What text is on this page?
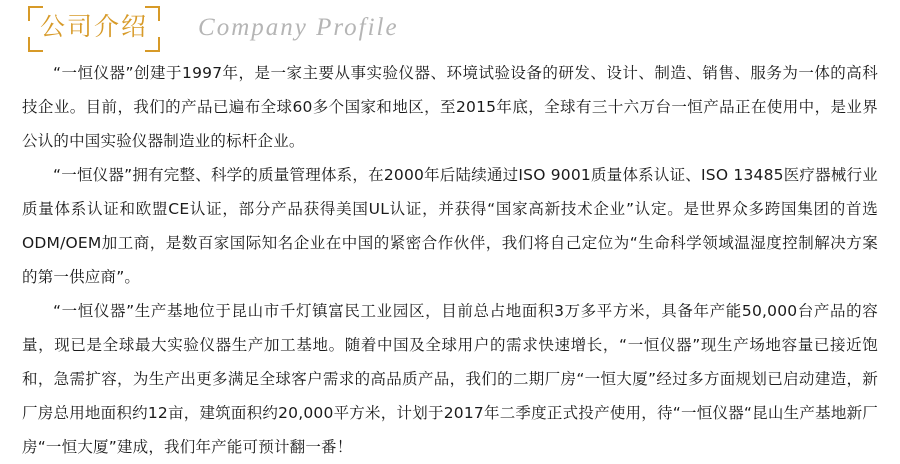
公司介绍	Company Profile

“一恒仪器”创建于1997年，是一家主要从事实验仪器、环境试验设备的研发、设计、制造、销售、服务为一体的高科技企业。目前，我们的产品已遍布全球60多个国家和地区，至2015年底，全球有三十六万台一恒产品正在使用中，是业界公认的中国实验仪器制造业的标杆企业。

“一恒仪器”拥有完整、科学的质量管理体系，在2000年后陆续通过ISO 9001质量体系认证、ISO 13485医疗器械行业质量体系认证和欧盟CE认证，部分产品获得美国UL认证，并获得“国家高新技术企业”认定。是世界众多跨国集团的首选ODM/OEM加工商，是数百家国际知名企业在中国的紧密合作伙伴，我们将自己定位为“生命科学领域温湿度控制解决方案的第一供应商”。

“一恒仪器”生产基地位于昆山市千灯镇富民工业园区，目前总占地面积3万多平方米，具备年产能50,000台产品的容量，现已是全球最大实验仪器生产加工基地。随着中国及全球用户的需求快速增长，“一恒仪器”现生产场地容量已接近饱和，急需扩容，为生产出更多满足全球客户需求的高品质产品，我们的二期厂房“一恒大厦”经过多方面规划已启动建造，新厂房总用地面积约12亩，建筑面积约20,000平方米，计划于2017年二季度正式投产使用，待“一恒仪器“昆山生产基地新厂房“一恒大厦”建成，我们年产能可预计翻一番！
